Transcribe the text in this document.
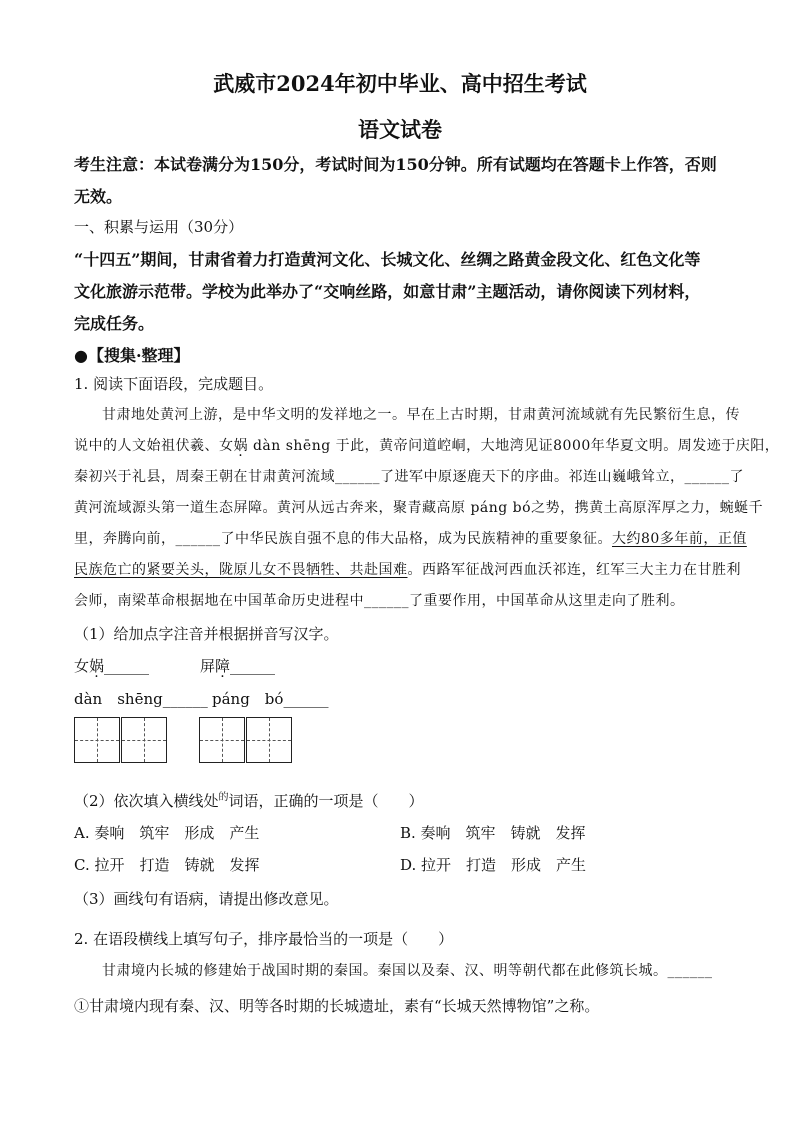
武威市2024年初中毕业、高中招生考试
语文试卷
考生注意：本试卷满分为150分，考试时间为150分钟。所有试题均在答题卡上作答，否则
无效。
一、积累与运用（30分）
“十四五”期间，甘肃省着力打造黄河文化、长城文化、丝绸之路黄金段文化、红色文化等
文化旅游示范带。学校为此举办了“交响丝路，如意甘肃”主题活动，请你阅读下列材料，
完成任务。
●【搜集·整理】
1. 阅读下面语段，完成题目。
甘肃地处黄河上游，是中华文明的发祥地之一。早在上古时期，甘肃黄河流域就有先民繁衍生息，传
说中的人文始祖伏羲、女娲 dàn shēng 于此，黄帝问道崆峒，大地湾见证8000年华夏文明。周发迹于庆阳，
秦初兴于礼县，周秦王朝在甘肃黄河流域______了进军中原逐鹿天下的序曲。祁连山巍峨耸立，______了
黄河流域源头第一道生态屏障。黄河从远古奔来，聚青藏高原 páng bó之势，携黄土高原浑厚之力，蜿蜒千
里，奔腾向前，______了中华民族自强不息的伟大品格，成为民族精神的重要象征。大约80多年前，正值
民族危亡的紧要关头，陇原儿女不畏牺牲、共赴国难。西路军征战河西血沃祁连，红军三大主力在甘胜利
会师，南梁革命根据地在中国革命历史进程中______了重要作用，中国革命从这里走向了胜利。
（1）给加点字注音并根据拼音写汉字。
女娲______	屏障______
dàn　shēng______ páng　bó______
（2）依次填入横线处$^的$词语，正确的一项是（　　）
A. 奏响　筑牢　形成　产生	B. 奏响　筑牢　铸就　发挥
C. 拉开　打造　铸就　发挥	D. 拉开　打造　形成　产生
（3）画线句有语病，请提出修改意见。
2. 在语段横线上填写句子，排序最恰当的一项是（　　）
甘肃境内长城的修建始于战国时期的秦国。秦国以及秦、汉、明等朝代都在此修筑长城。______
①甘肃境内现有秦、汉、明等各时期的长城遗址，素有“长城天然博物馆”之称。
